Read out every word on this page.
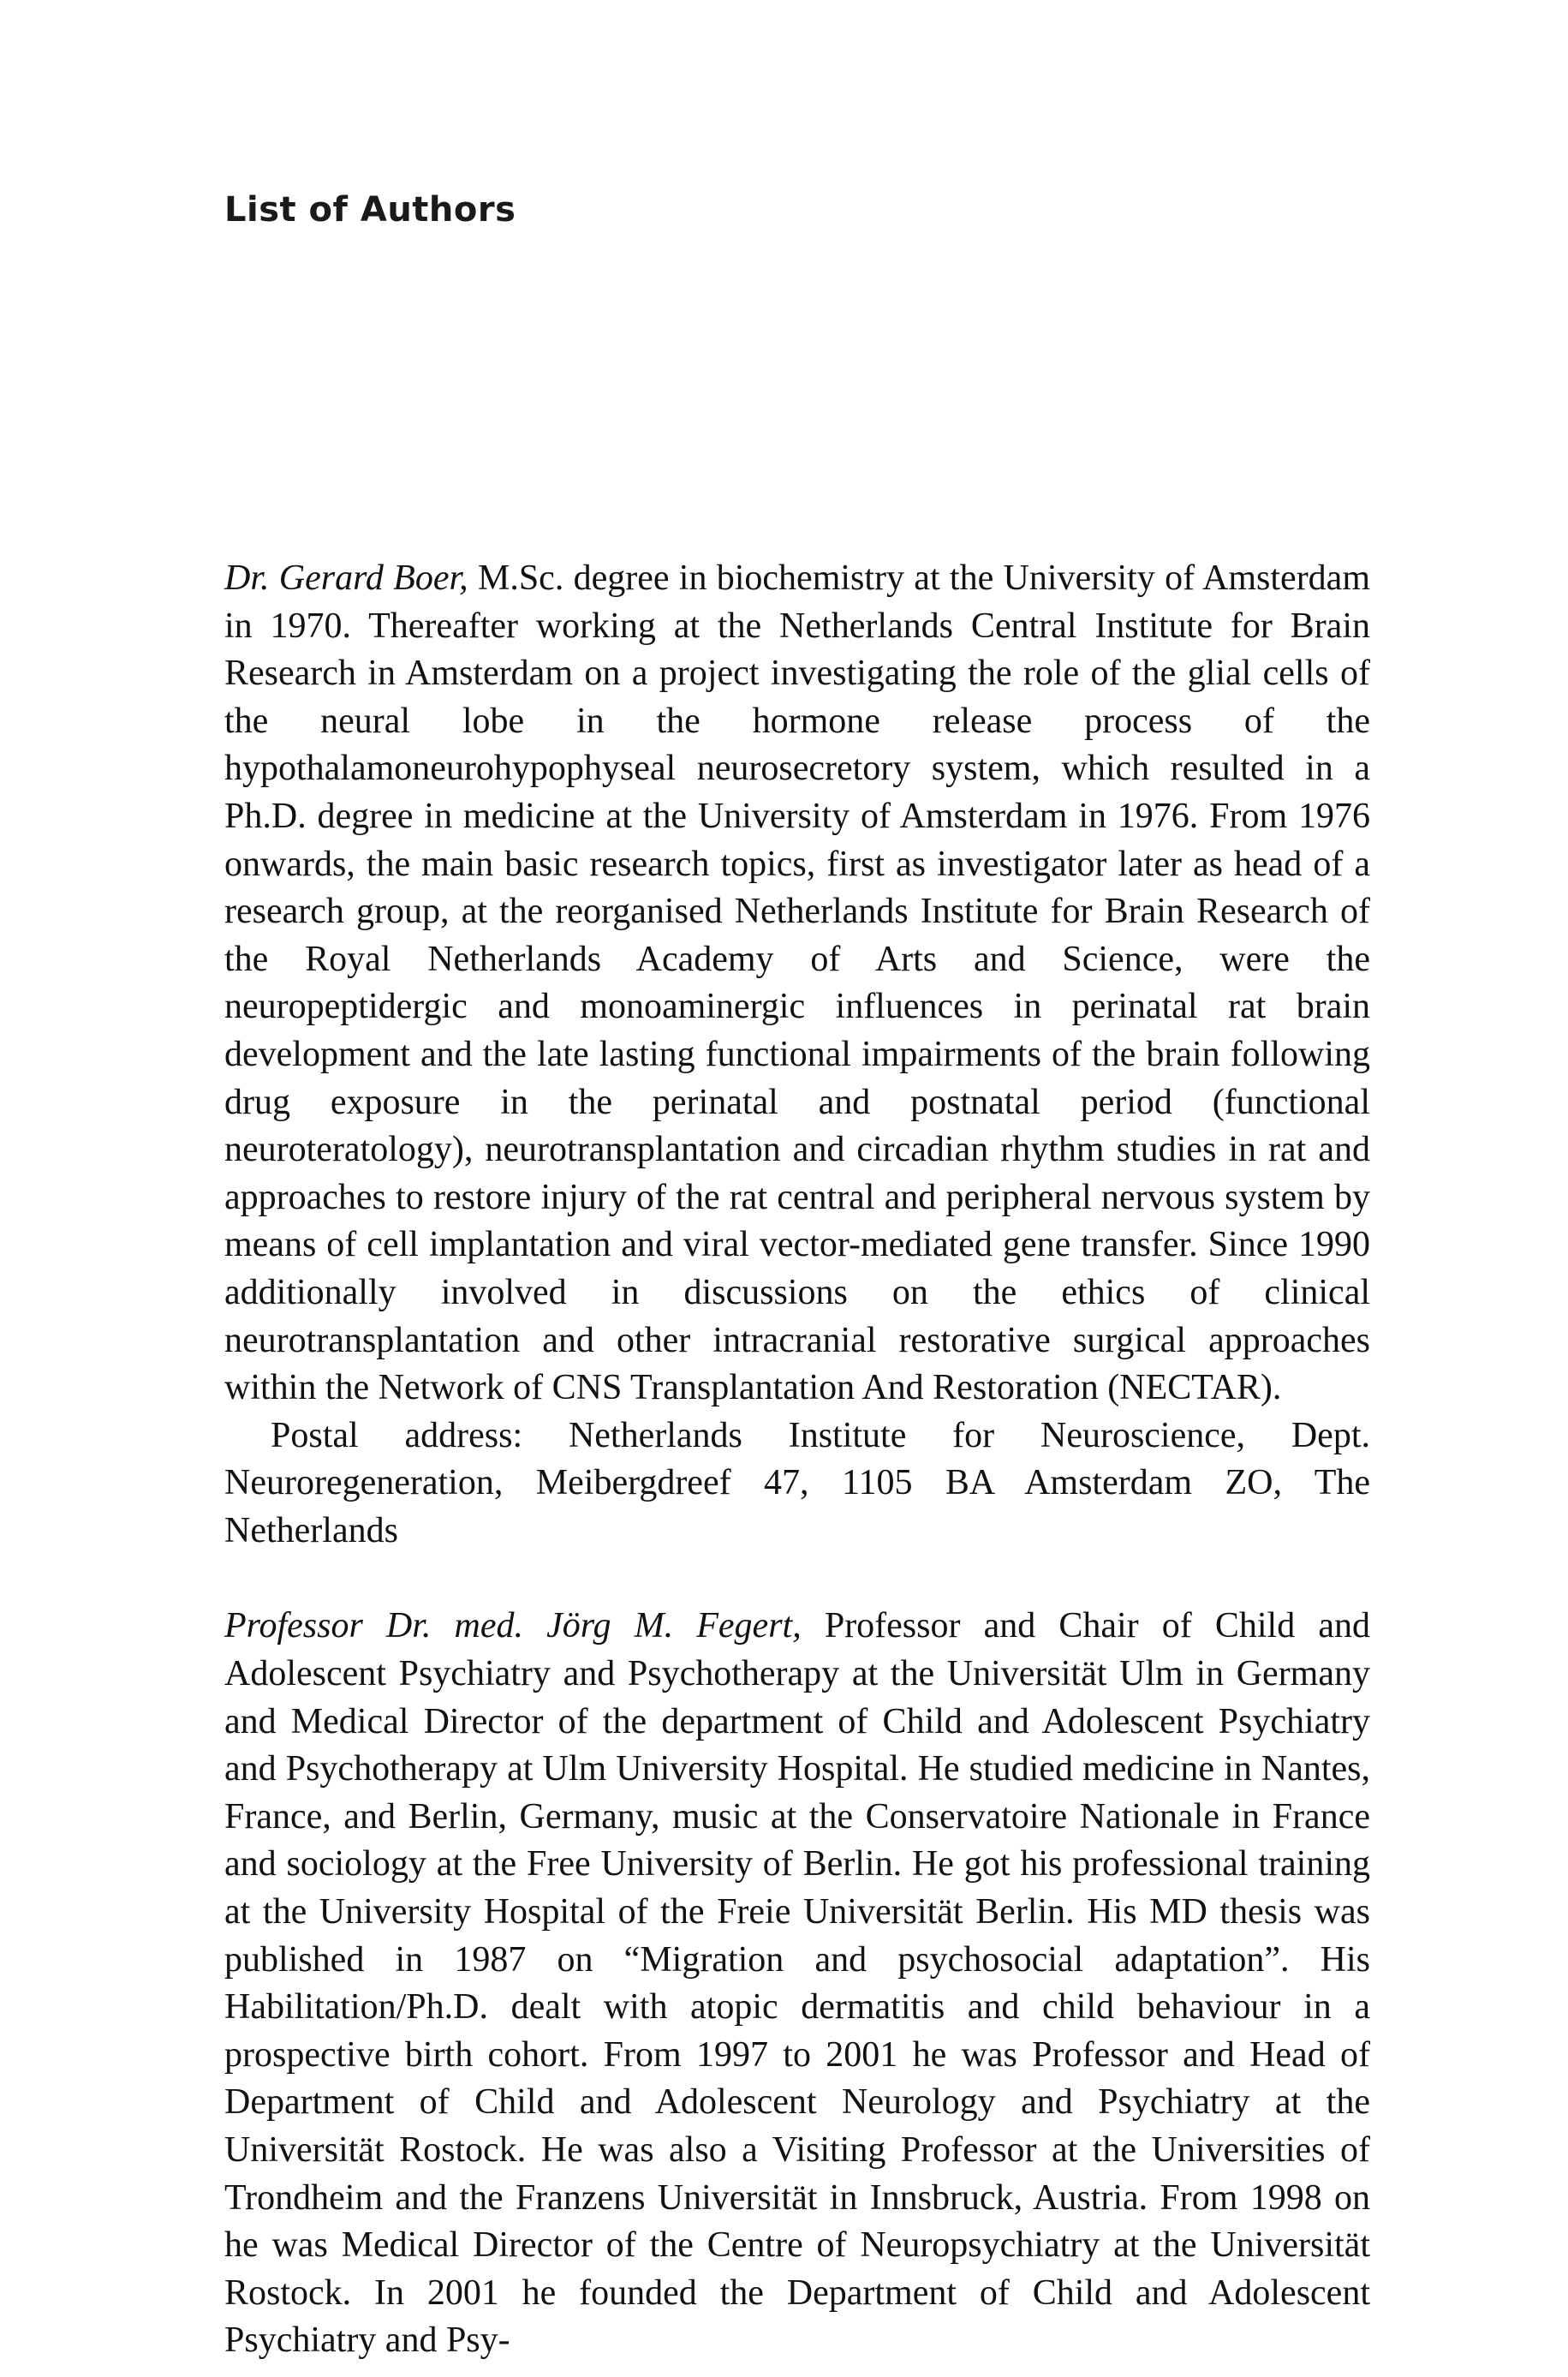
List of Authors

Dr. Gerard Boer, M.Sc. degree in biochemistry at the University of Amsterdam in 1970. Thereafter working at the Netherlands Central Institute for Brain Research in Amsterdam on a project investigating the role of the glial cells of the neural lobe in the hormone release process of the hypothalamoneurohypophyseal neurosecretory system, which resulted in a Ph.D. degree in medicine at the University of Amsterdam in 1976. From 1976 onwards, the main basic research topics, first as investigator later as head of a research group, at the reorganised Netherlands Institute for Brain Research of the Royal Netherlands Academy of Arts and Science, were the neuropeptidergic and monoaminergic influences in perinatal rat brain development and the late lasting functional impairments of the brain following drug exposure in the perinatal and postnatal period (functional neuroteratology), neurotransplantation and circadian rhythm studies in rat and approaches to restore injury of the rat central and peripheral nervous system by means of cell implantation and viral vector-mediated gene transfer. Since 1990 additionally involved in discussions on the ethics of clinical neurotransplantation and other intracranial restorative surgical approaches within the Network of CNS Transplantation And Restoration (NECTAR).

Postal address: Netherlands Institute for Neuroscience, Dept. Neuroregeneration, Meibergdreef 47, 1105 BA Amsterdam ZO, The Netherlands

Professor Dr. med. Jörg M. Fegert, Professor and Chair of Child and Adolescent Psychiatry and Psychotherapy at the Universität Ulm in Germany and Medical Director of the department of Child and Adolescent Psychiatry and Psychotherapy at Ulm University Hospital. He studied medicine in Nantes, France, and Berlin, Germany, music at the Conservatoire Nationale in France and sociology at the Free University of Berlin. He got his professional training at the University Hospital of the Freie Universität Berlin. His MD thesis was published in 1987 on “Migration and psychosocial adaptation”. His Habilitation/Ph.D. dealt with atopic dermatitis and child behaviour in a prospective birth cohort. From 1997 to 2001 he was Professor and Head of Department of Child and Adolescent Neurology and Psychiatry at the Universität Rostock. He was also a Visiting Professor at the Universities of Trondheim and the Franzens Universität in Innsbruck, Austria. From 1998 on he was Medical Director of the Centre of Neuropsychiatry at the Universität Rostock. In 2001 he founded the Department of Child and Adolescent Psychiatry and Psy-
